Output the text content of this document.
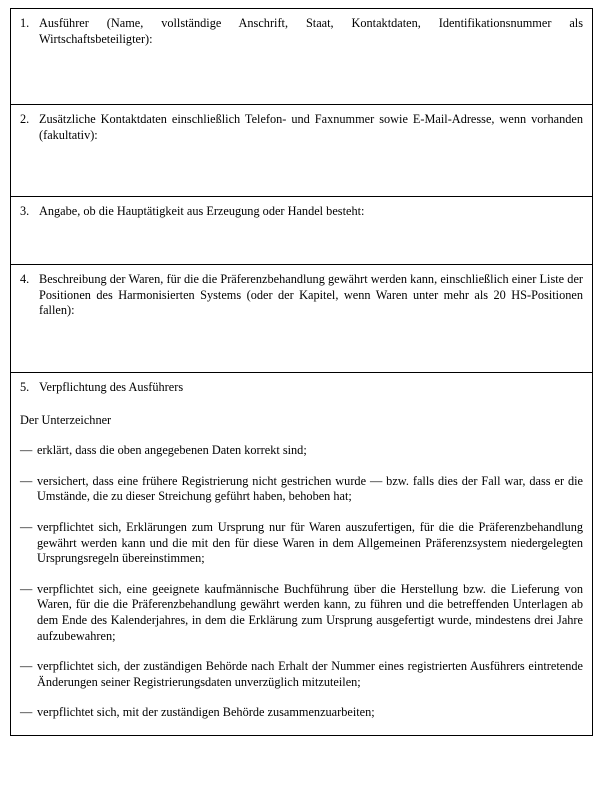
1. Ausführer (Name, vollständige Anschrift, Staat, Kontaktdaten, Identifikationsnummer als Wirtschaftsbeteiligter):
2. Zusätzliche Kontaktdaten einschließlich Telefon- und Faxnummer sowie E-Mail-Adresse, wenn vorhanden (fakultativ):
3. Angabe, ob die Hauptätigkeit aus Erzeugung oder Handel besteht:
4. Beschreibung der Waren, für die die Präferenzbehandlung gewährt werden kann, einschließlich einer Liste der Positionen des Harmonisierten Systems (oder der Kapitel, wenn Waren unter mehr als 20 HS-Positionen fallen):
5. Verpflichtung des Ausführers

Der Unterzeichner

— erklärt, dass die oben angegebenen Daten korrekt sind;
— versichert, dass eine frühere Registrierung nicht gestrichen wurde — bzw. falls dies der Fall war, dass er die Umstände, die zu dieser Streichung geführt haben, behoben hat;
— verpflichtet sich, Erklärungen zum Ursprung nur für Waren auszufertigen, für die die Präferenzbehandlung gewährt werden kann und die mit den für diese Waren in dem Allgemeinen Präferenzsystem niedergelegten Ursprungsregeln übereinstimmen;
— verpflichtet sich, eine geeignete kaufmännische Buchführung über die Herstellung bzw. die Lieferung von Waren, für die die Präferenzbehandlung gewährt werden kann, zu führen und die betreffenden Unterlagen ab dem Ende des Kalenderjahres, in dem die Erklärung zum Ursprung ausgefertigt wurde, mindestens drei Jahre aufzubewahren;
— verpflichtet sich, der zuständigen Behörde nach Erhalt der Nummer eines registrierten Ausführers eintretende Änderungen seiner Registrierungsdaten unverzüglich mitzuteilen;
— verpflichtet sich, mit der zuständigen Behörde zusammenzuarbeiten;
